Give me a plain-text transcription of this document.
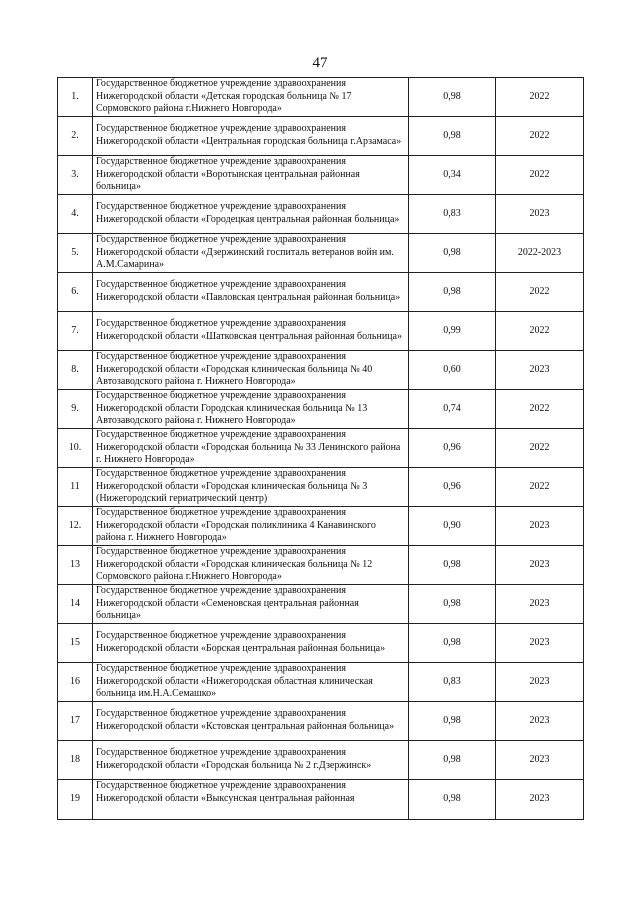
47
1.	Государственное бюджетное учреждение здравоохранения Нижегородской области «Детская городская больница № 17 Сормовского района г.Нижнего Новгорода»	0,98	2022
2.	Государственное бюджетное учреждение здравоохранения Нижегородской области «Центральная городская больница г.Арзамаса»	0,98	2022
3.	Государственное бюджетное учреждение здравоохранения Нижегородской области «Воротынская центральная районная больница»	0,34	2022
4.	Государственное бюджетное учреждение здравоохранения Нижегородской области «Городецкая центральная районная больница»	0,83	2023
5.	Государственное бюджетное учреждение здравоохранения Нижегородской области «Дзержинский госпиталь ветеранов войн им. А.М.Самарина»	0,98	2022-2023
6.	Государственное бюджетное учреждение здравоохранения Нижегородской области «Павловская центральная районная больница»	0,98	2022
7.	Государственное бюджетное учреждение здравоохранения Нижегородской области «Шатковская центральная районная больница»	0,99	2022
8.	Государственное бюджетное учреждение здравоохранения Нижегородской области «Городская клиническая больница № 40 Автозаводского района г. Нижнего Новгорода»	0,60	2023
9.	Государственное бюджетное учреждение здравоохранения Нижегородской области Городская клиническая больница № 13 Автозаводского района г. Нижнего Новгорода»	0,74	2022
10.	Государственное бюджетное учреждение здравоохранения Нижегородской области «Городская больница № 33 Ленинского района г. Нижнего Новгорода»	0,96	2022
11	Государственное бюджетное учреждение здравоохранения Нижегородской области «Городская клиническая больница № 3 (Нижегородский гериатрический центр)	0,96	2022
12.	Государственное бюджетное учреждение здравоохранения Нижегородской области «Городская поликлиника 4 Канавинского района г. Нижнего Новгорода»	0,90	2023
13	Государственное бюджетное учреждение здравоохранения Нижегородской области «Городская клиническая больница № 12 Сормовского района г.Нижнего Новгорода»	0,98	2023
14	Государственное бюджетное учреждение здравоохранения Нижегородской области «Семеновская центральная районная больница»	0,98	2023
15	Государственное бюджетное учреждение здравоохранения Нижегородской области «Борская центральная районная больница»	0,98	2023
16	Государственное бюджетное учреждение здравоохранения Нижегородской области «Нижегородская областная клиническая больница им.Н.А.Семашко»	0,83	2023
17	Государственное бюджетное учреждение здравоохранения Нижегородской области «Кстовская центральная районная больница»	0,98	2023
18	Государственное бюджетное учреждение здравоохранения Нижегородской области «Городская больница № 2 г.Дзержинск»	0,98	2023
19	Государственное бюджетное учреждение здравоохранения Нижегородской области «Выксунская центральная районная	0,98	2023
